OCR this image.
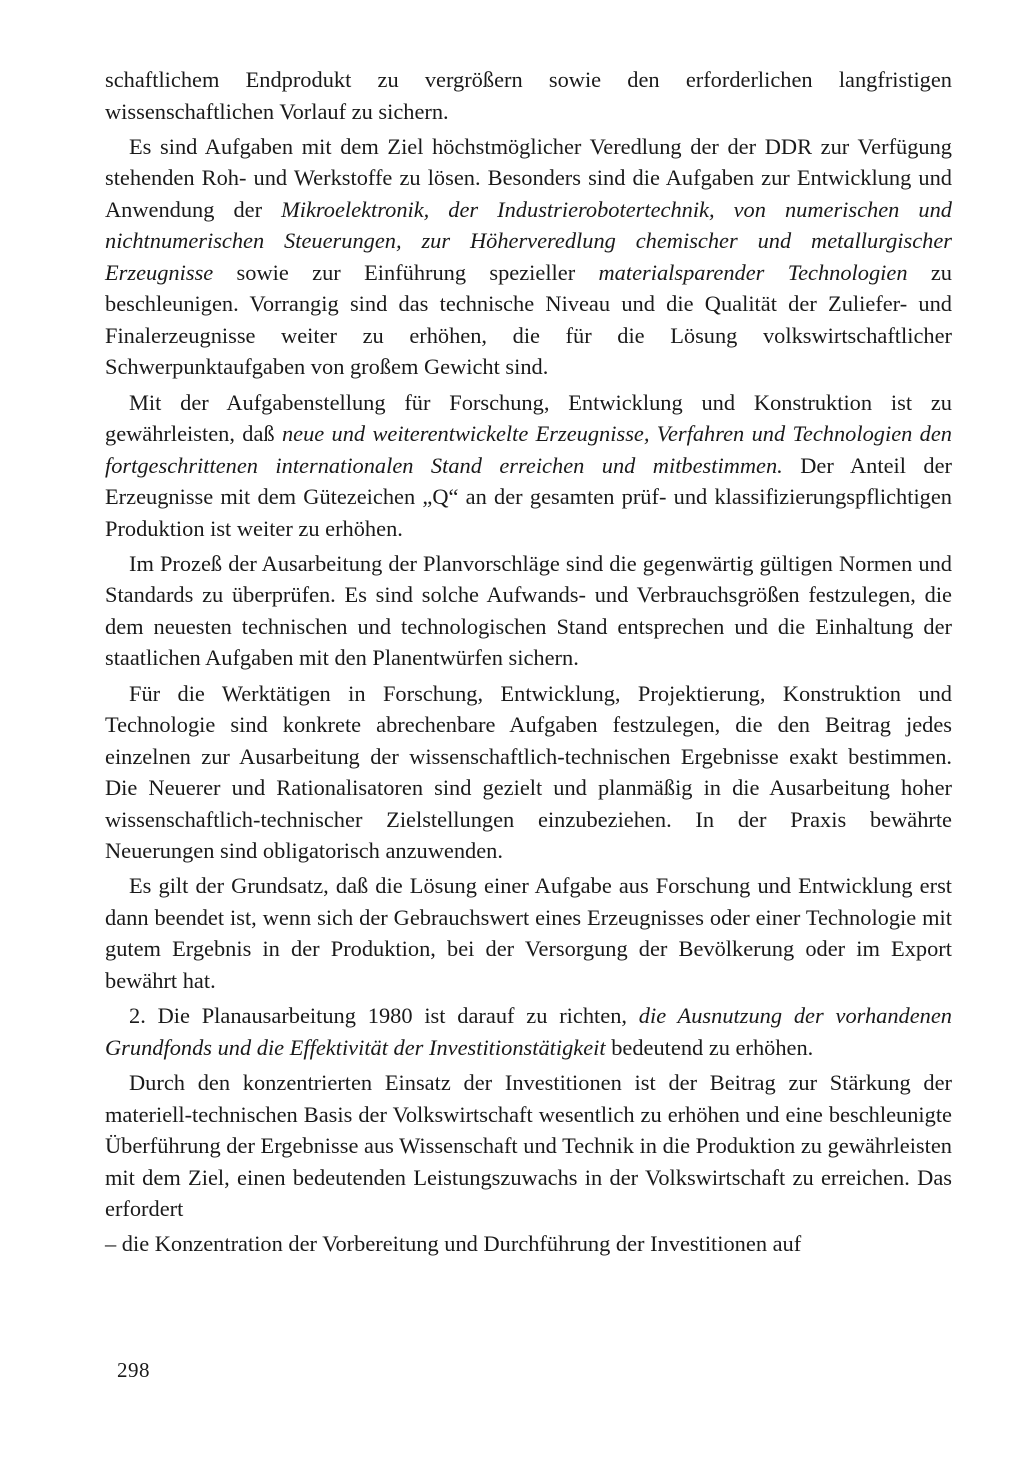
schaftlichem Endprodukt zu vergrößern sowie den erforderlichen langfristigen wissenschaftlichen Vorlauf zu sichern.

Es sind Aufgaben mit dem Ziel höchstmöglicher Veredlung der der DDR zur Verfügung stehenden Roh- und Werkstoffe zu lösen. Besonders sind die Aufgaben zur Entwicklung und Anwendung der Mikroelektronik, der Industrierobotertechnik, von numerischen und nichtnumerischen Steuerungen, zur Höherveredlung chemischer und metallurgischer Erzeugnisse sowie zur Einführung spezieller materialsparender Technologien zu beschleunigen. Vorrangig sind das technische Niveau und die Qualität der Zuliefer- und Finalerzeugnisse weiter zu erhöhen, die für die Lösung volkswirtschaftlicher Schwerpunktaufgaben von großem Gewicht sind.

Mit der Aufgabenstellung für Forschung, Entwicklung und Konstruktion ist zu gewährleisten, daß neue und weiterentwickelte Erzeugnisse, Verfahren und Technologien den fortgeschrittenen internationalen Stand erreichen und mitbestimmen. Der Anteil der Erzeugnisse mit dem Gütezeichen „Q“ an der gesamten prüf- und klassifizierungspflichtigen Produktion ist weiter zu erhöhen.

Im Prozeß der Ausarbeitung der Planvorschläge sind die gegenwärtig gültigen Normen und Standards zu überprüfen. Es sind solche Aufwands- und Verbrauchsgrößen festzulegen, die dem neuesten technischen und technologischen Stand entsprechen und die Einhaltung der staatlichen Aufgaben mit den Planentwürfen sichern.

Für die Werktätigen in Forschung, Entwicklung, Projektierung, Konstruktion und Technologie sind konkrete abrechenbare Aufgaben festzulegen, die den Beitrag jedes einzelnen zur Ausarbeitung der wissenschaftlich-technischen Ergebnisse exakt bestimmen. Die Neuerer und Rationalisatoren sind gezielt und planmäßig in die Ausarbeitung hoher wissenschaftlich-technischer Zielstellungen einzubeziehen. In der Praxis bewährte Neuerungen sind obligatorisch anzuwenden.

Es gilt der Grundsatz, daß die Lösung einer Aufgabe aus Forschung und Entwicklung erst dann beendet ist, wenn sich der Gebrauchswert eines Erzeugnisses oder einer Technologie mit gutem Ergebnis in der Produktion, bei der Versorgung der Bevölkerung oder im Export bewährt hat.

2. Die Planausarbeitung 1980 ist darauf zu richten, die Ausnutzung der vorhandenen Grundfonds und die Effektivität der Investitionstätigkeit bedeutend zu erhöhen.

Durch den konzentrierten Einsatz der Investitionen ist der Beitrag zur Stärkung der materiell-technischen Basis der Volkswirtschaft wesentlich zu erhöhen und eine beschleunigte Überführung der Ergebnisse aus Wissenschaft und Technik in die Produktion zu gewährleisten mit dem Ziel, einen bedeutenden Leistungszuwachs in der Volkswirtschaft zu erreichen. Das erfordert

– die Konzentration der Vorbereitung und Durchführung der Investitionen auf

298
